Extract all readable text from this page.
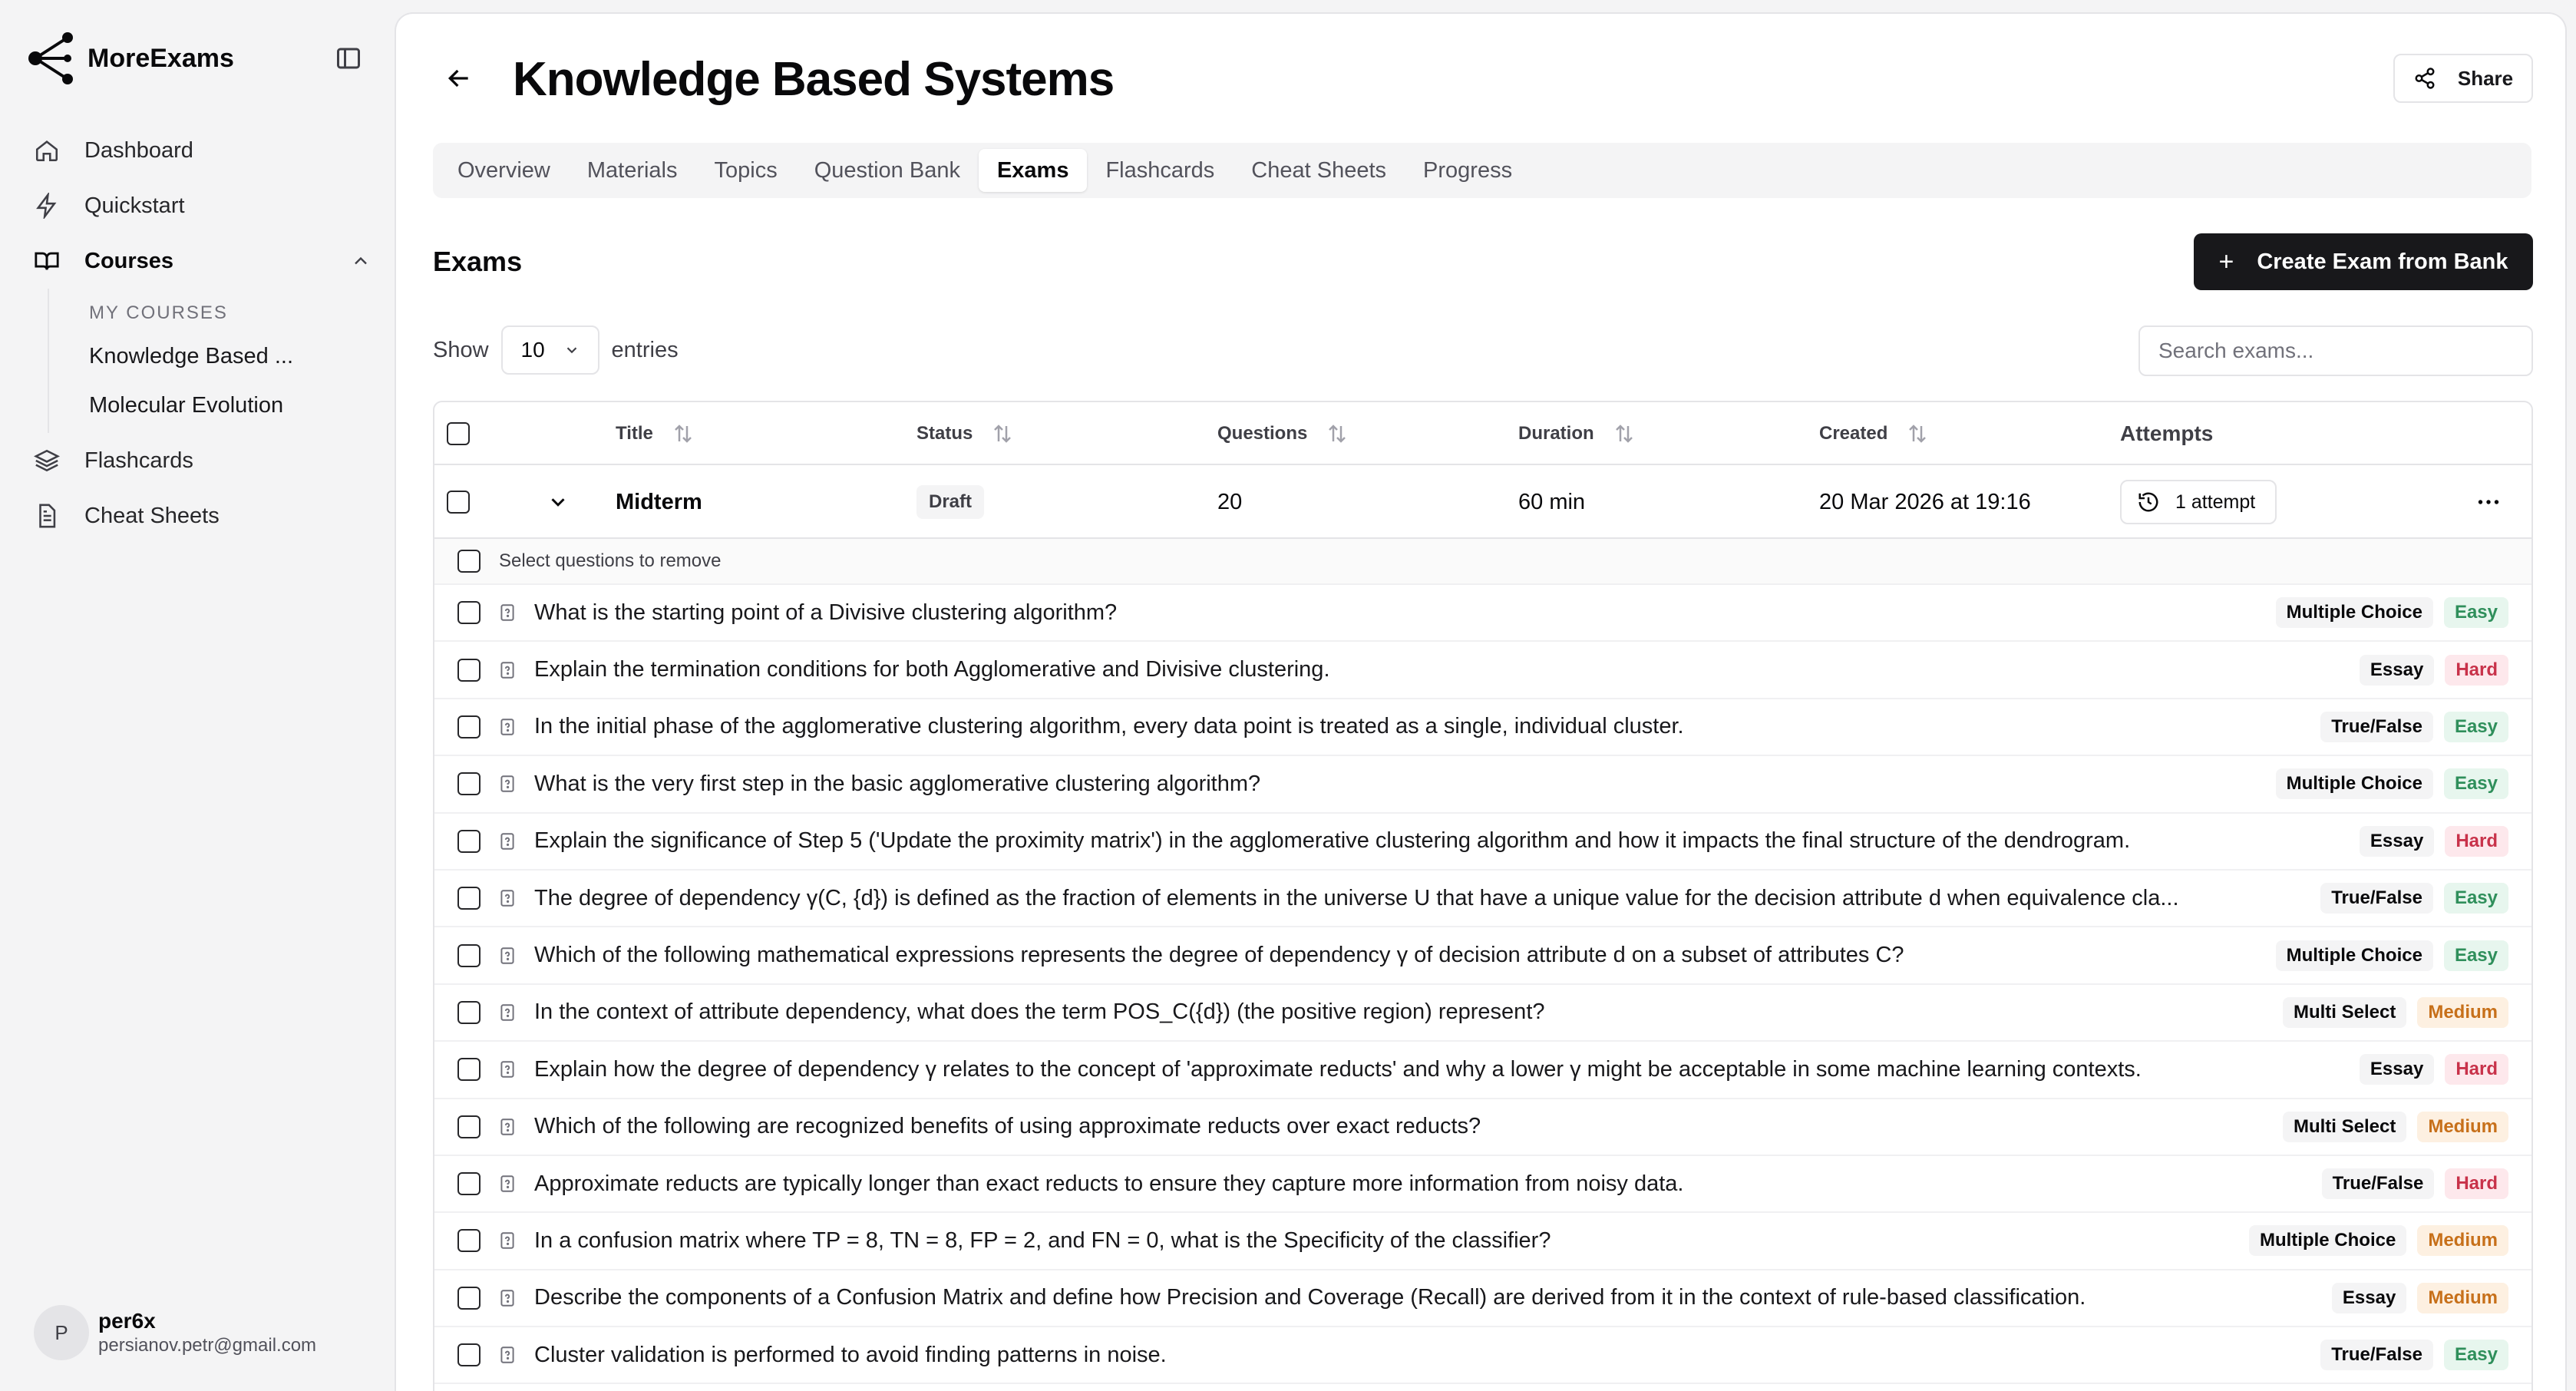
MoreExams
Dashboard
Quickstart
Courses
MY COURSES
Knowledge Based ...
Molecular Evolution
Flashcards
Cheat Sheets
P	per6x
persianov.petr@gmail.com
Knowledge Based Systems	Share
Overview	Materials	Topics	Question Bank	Exams	Flashcards	Cheat Sheets	Progress
Exams	+ Create Exam from Bank
Show 10	entries
Search exams...
Title	Status	Questions	Duration	Created	Attempts
Midterm	Draft	20	60 min	20 Mar 2026 at 19:16	1 attempt
Select questions to remove
What is the starting point of a Divisive clustering algorithm?	Multiple Choice	Easy
Explain the termination conditions for both Agglomerative and Divisive clustering.	Essay	Hard
In the initial phase of the agglomerative clustering algorithm, every data point is treated as a single, individual cluster.	True/False	Easy
What is the very first step in the basic agglomerative clustering algorithm?	Multiple Choice	Easy
Explain the significance of Step 5 ('Update the proximity matrix') in the agglomerative clustering algorithm and how it impacts the final structure of the dendrogram.	Essay	Hard
The degree of dependency γ(C, {d}) is defined as the fraction of elements in the universe U that have a unique value for the decision attribute d when equivalence cla...	True/False	Easy
Which of the following mathematical expressions represents the degree of dependency γ of decision attribute d on a subset of attributes C?	Multiple Choice	Easy
In the context of attribute dependency, what does the term POS_C({d}) (the positive region) represent?	Multi Select	Medium
Explain how the degree of dependency γ relates to the concept of 'approximate reducts' and why a lower γ might be acceptable in some machine learning contexts.	Essay	Hard
Which of the following are recognized benefits of using approximate reducts over exact reducts?	Multi Select	Medium
Approximate reducts are typically longer than exact reducts to ensure they capture more information from noisy data.	True/False	Hard
In a confusion matrix where TP = 8, TN = 8, FP = 2, and FN = 0, what is the Specificity of the classifier?	Multiple Choice	Medium
Describe the components of a Confusion Matrix and define how Precision and Coverage (Recall) are derived from it in the context of rule-based classification.	Essay	Medium
Cluster validation is performed to avoid finding patterns in noise.	True/False	Easy
